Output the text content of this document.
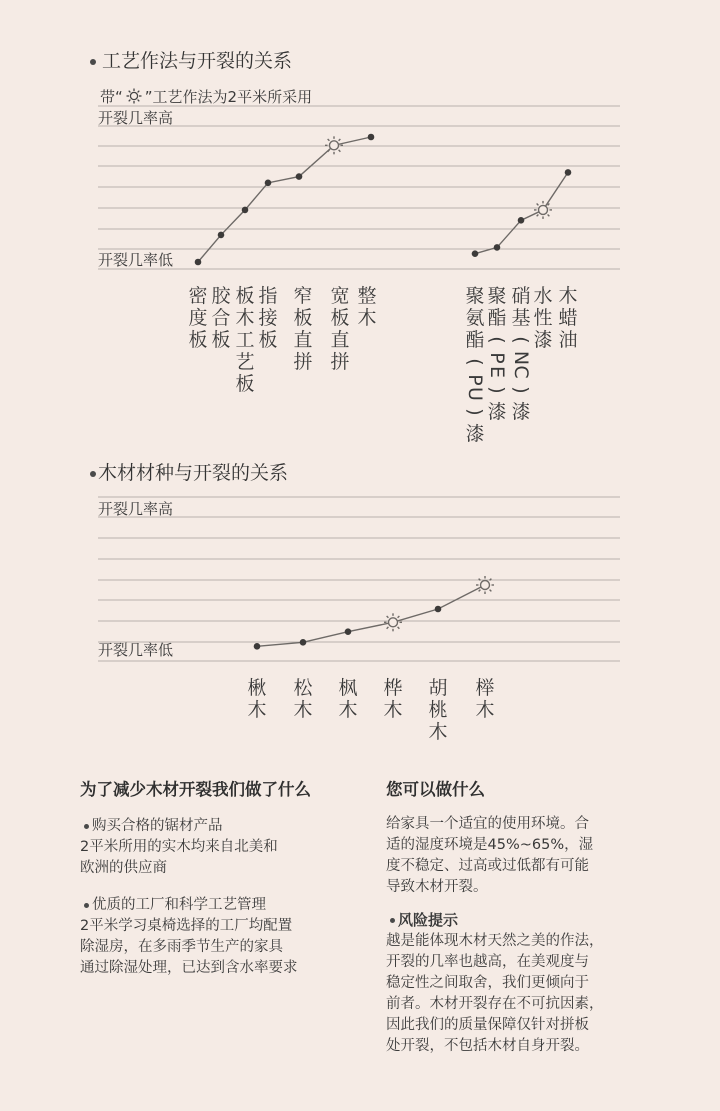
工艺作法与开裂的关系
带“ ”工艺作法为2平米所采用
开裂几率高
开裂几率低
密
度
板
胶
合
板
板
木
工
艺
板
指
接
板
窄
板
直
拼
宽
板
直
拼
整
木
聚
氨
酯
(
P
U
)
漆
聚
酯
(
P
E
)
漆
硝
基
(
N
C
)
漆
水
性
漆
木
蜡
油
木材材种与开裂的关系
开裂几率高
开裂几率低
楸
木
松
木
枫
木
桦
木
胡
桃
木
榉
木
为了减少木材开裂我们做了什么
购买合格的锯材产品
2平米所用的实木均来自北美和
欧洲的供应商
优质的工厂和科学工艺管理
2平米学习桌椅选择的工厂均配置
除湿房，在多雨季节生产的家具
通过除湿处理，已达到含水率要求
您可以做什么
给家具一个适宜的使用环境。合
适的湿度环境是45%~65%，湿
度不稳定、过高或过低都有可能
导致木材开裂。
风险提示
越是能体现木材天然之美的作法，
开裂的几率也越高，在美观度与
稳定性之间取舍，我们更倾向于
前者。木材开裂存在不可抗因素，
因此我们的质量保障仅针对拼板
处开裂，不包括木材自身开裂。
